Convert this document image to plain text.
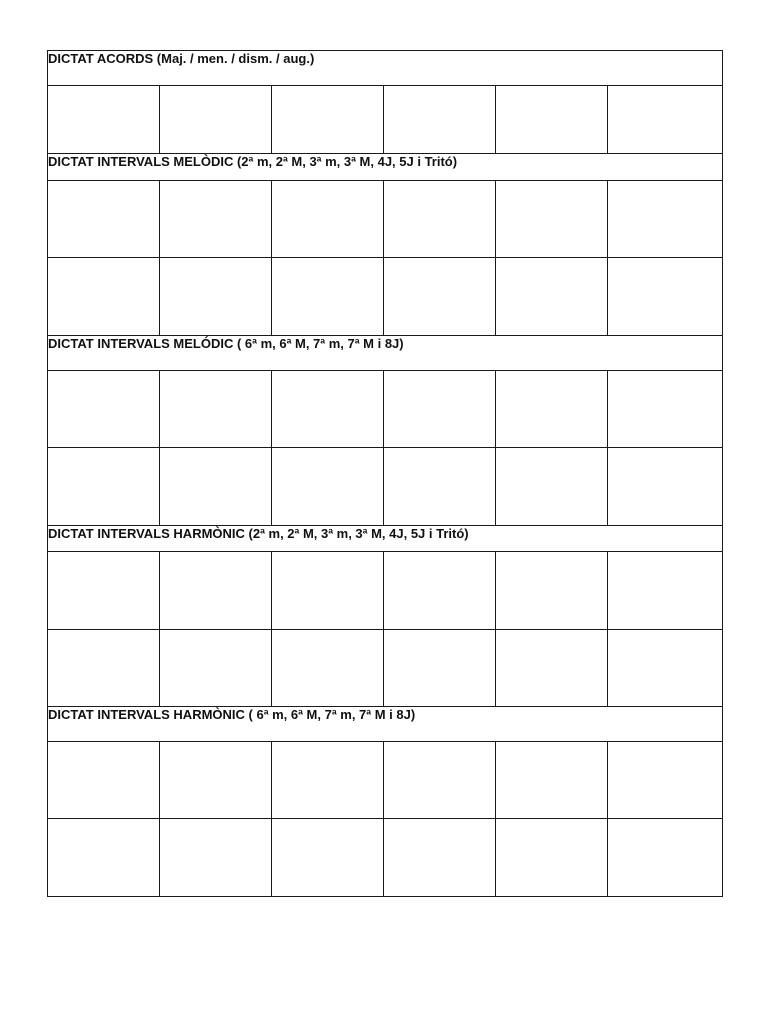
DICTAT ACORDS (Maj. / men. / dism. / aug.)					

DICTAT INTERVALS MELÒDIC (2ª m, 2ª M, 3ª m, 3ª M, 4J, 5J i Tritó)					

DICTAT INTERVALS MELÓDIC ( 6ª m, 6ª M, 7ª m, 7ª M i 8J)					

DICTAT INTERVALS HARMÒNIC (2ª m, 2ª M, 3ª m, 3ª M, 4J, 5J i Tritó)					

DICTAT INTERVALS HARMÒNIC ( 6ª m, 6ª M, 7ª m, 7ª M i 8J)					
